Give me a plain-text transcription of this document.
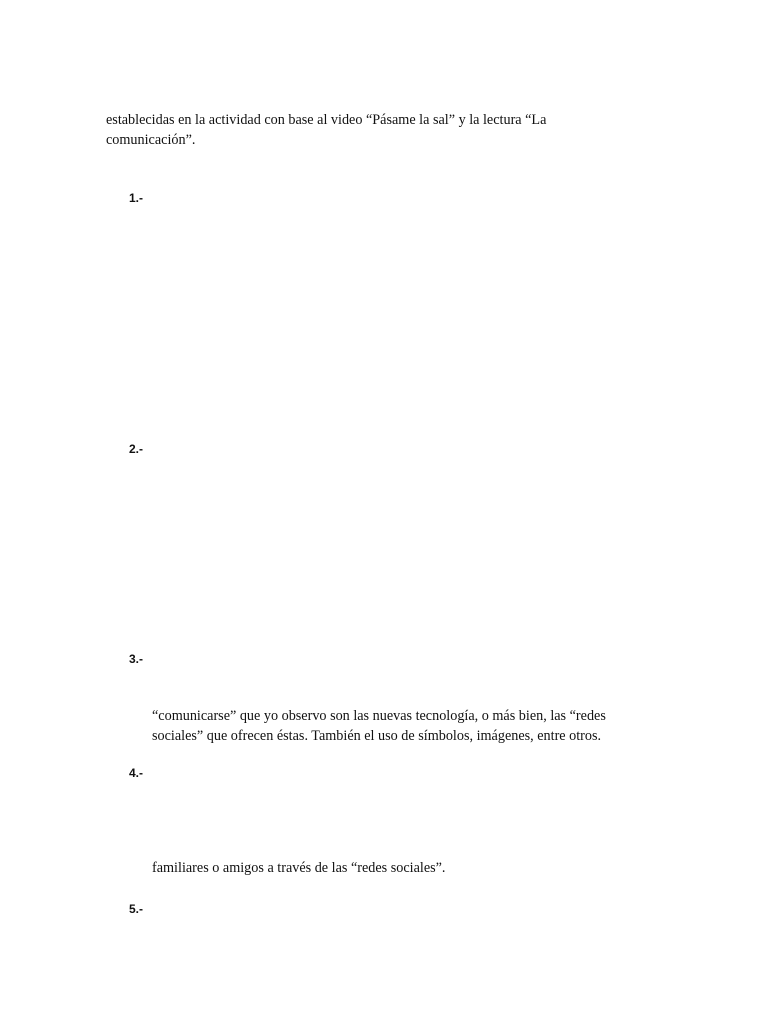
establecidas en la actividad con base al video “Pásame la sal” y la lectura “La
comunicación”.

1.-
2.-
3.-

“comunicarse” que yo observo son las nuevas tecnología, o más bien, las “redes
sociales” que ofrecen éstas. También el uso de símbolos, imágenes, entre otros.

4.-

familiares o amigos a través de las “redes sociales”.

5.-
